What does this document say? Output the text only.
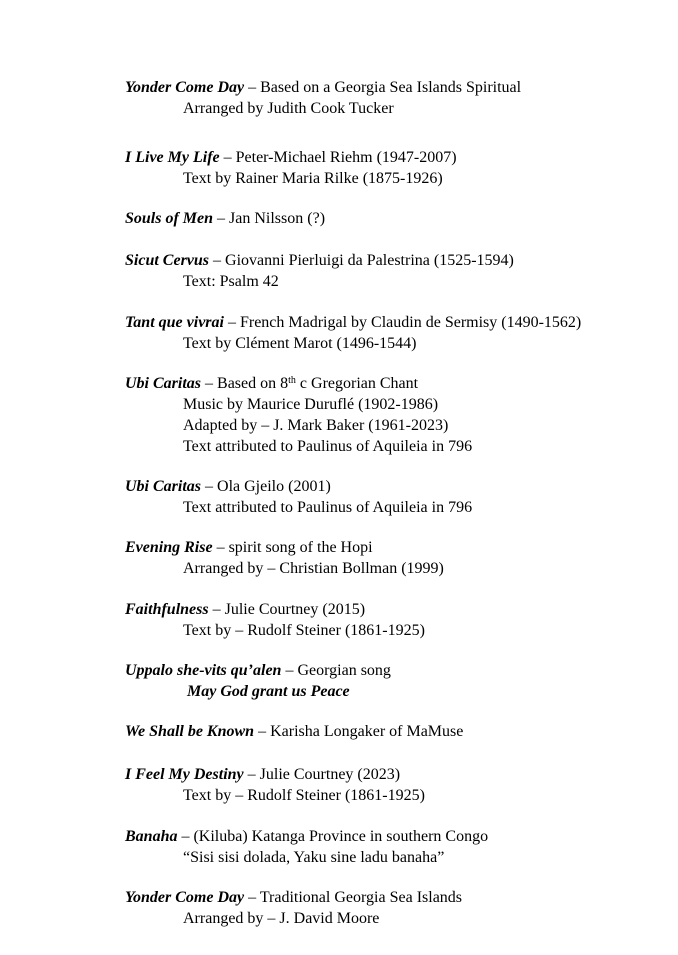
Yonder Come Day – Based on a Georgia Sea Islands Spiritual
Arranged by Judith Cook Tucker
I Live My Life – Peter-Michael Riehm (1947-2007)
Text by Rainer Maria Rilke (1875-1926)
Souls of Men – Jan Nilsson (?)
Sicut Cervus – Giovanni Pierluigi da Palestrina (1525-1594)
Text: Psalm 42
Tant que vivrai – French Madrigal by Claudin de Sermisy (1490-1562)
Text by Clément Marot (1496-1544)
Ubi Caritas – Based on 8th c Gregorian Chant
Music by Maurice Duruflé (1902-1986)
Adapted by – J. Mark Baker (1961-2023)
Text attributed to Paulinus of Aquileia in 796
Ubi Caritas – Ola Gjeilo (2001)
Text attributed to Paulinus of Aquileia in 796
Evening Rise – spirit song of the Hopi
Arranged by – Christian Bollman (1999)
Faithfulness – Julie Courtney (2015)
Text by – Rudolf Steiner (1861-1925)
Uppalo she-vits qu’alen – Georgian song
May God grant us Peace
We Shall be Known – Karisha Longaker of MaMuse
I Feel My Destiny – Julie Courtney (2023)
Text by – Rudolf Steiner (1861-1925)
Banaha – (Kiluba) Katanga Province in southern Congo
“Sisi sisi dolada, Yaku sine ladu banaha”
Yonder Come Day – Traditional Georgia Sea Islands
Arranged by – J. David Moore
